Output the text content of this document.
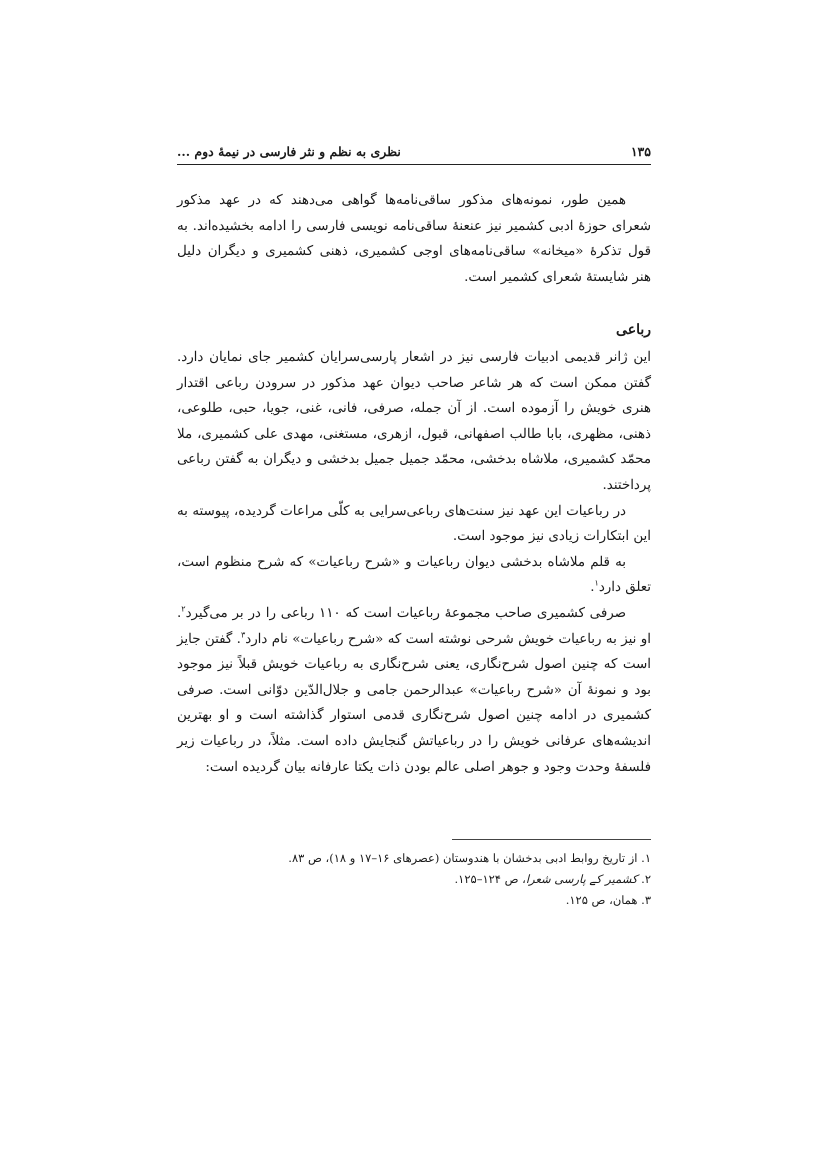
۱۳۵
نظری به نظم و نثر فارسی در نیمهٔ دوم ...

همین طور، نمونه‌های مذکور ساقی‌نامه‌ها گواهی می‌دهند که در عهد مذکور شعرای حوزهٔ ادبی کشمیر نیز عنعنهٔ ساقی‌نامه نویسی فارسی را ادامه بخشیده‌اند. به قول تذکرهٔ «میخانه» ساقی‌نامه‌های اوجی کشمیری، ذهنی کشمیری و دیگران دلیل هنر شایستهٔ شعرای کشمیر است.

رباعی

این ژانر قدیمی ادبیات فارسی نیز در اشعار پارسی‌سرایان کشمیر جای نمایان دارد. گفتن ممکن است که هر شاعر صاحب دیوان عهد مذکور در سرودن رباعی اقتدار هنری خویش را آزموده است. از آن جمله، صرفی، فانی، غنی، جویا، حبی، طلوعی، ذهنی، مظهری، بابا طالب اصفهانی، قبول، ازهری، مستغنی، مهدی علی کشمیری، ملا محمّد کشمیری، ملاشاه بدخشی، محمّد جمیل جمیل بدخشی و دیگران به گفتن رباعی پرداختند.

در رباعیات این عهد نیز سنت‌های رباعی‌سرایی به کلّی مراعات گردیده، پیوسته به این ابتکارات زیادی نیز موجود است.

به قلم ملاشاه بدخشی دیوان رباعیات و «شرح رباعیات» که شرح منظوم است، تعلق دارد$^۱$.

صرفی کشمیری صاحب مجموعهٔ رباعیات است که ۱۱۰ رباعی را در بر می‌گیرد$^۲$. او نیز به رباعیات خویش شرحی نوشته است که «شرح رباعیات» نام دارد$^۳$. گفتن جایز است که چنین اصول شرح‌نگاری، یعنی شرح‌نگاری به رباعیات خویش قبلاً نیز موجود بود و نمونهٔ آن «شرح رباعیات» عبدالرحمن جامی و جلال‌الدّین دوّانی است. صرفی کشمیری در ادامه چنین اصول شرح‌نگاری قدمی استوار گذاشته است و او بهترین اندیشه‌های عرفانی خویش را در رباعیاتش گنجایش داده است. مثلاً، در رباعیات زیر فلسفهٔ وحدت وجود و جوهر اصلی عالم بودن ذات یکتا عارفانه بیان گردیده است:

۱. از تاریخ روابط ادبی بدخشان با هندوستان (عصرهای ۱۶–۱۷ و ۱۸)، ص ۸۳.
۲. کشمیر کے پارسی شعرا، ص ۱۲۴–۱۲۵.
۳. همان، ص ۱۲۵.
